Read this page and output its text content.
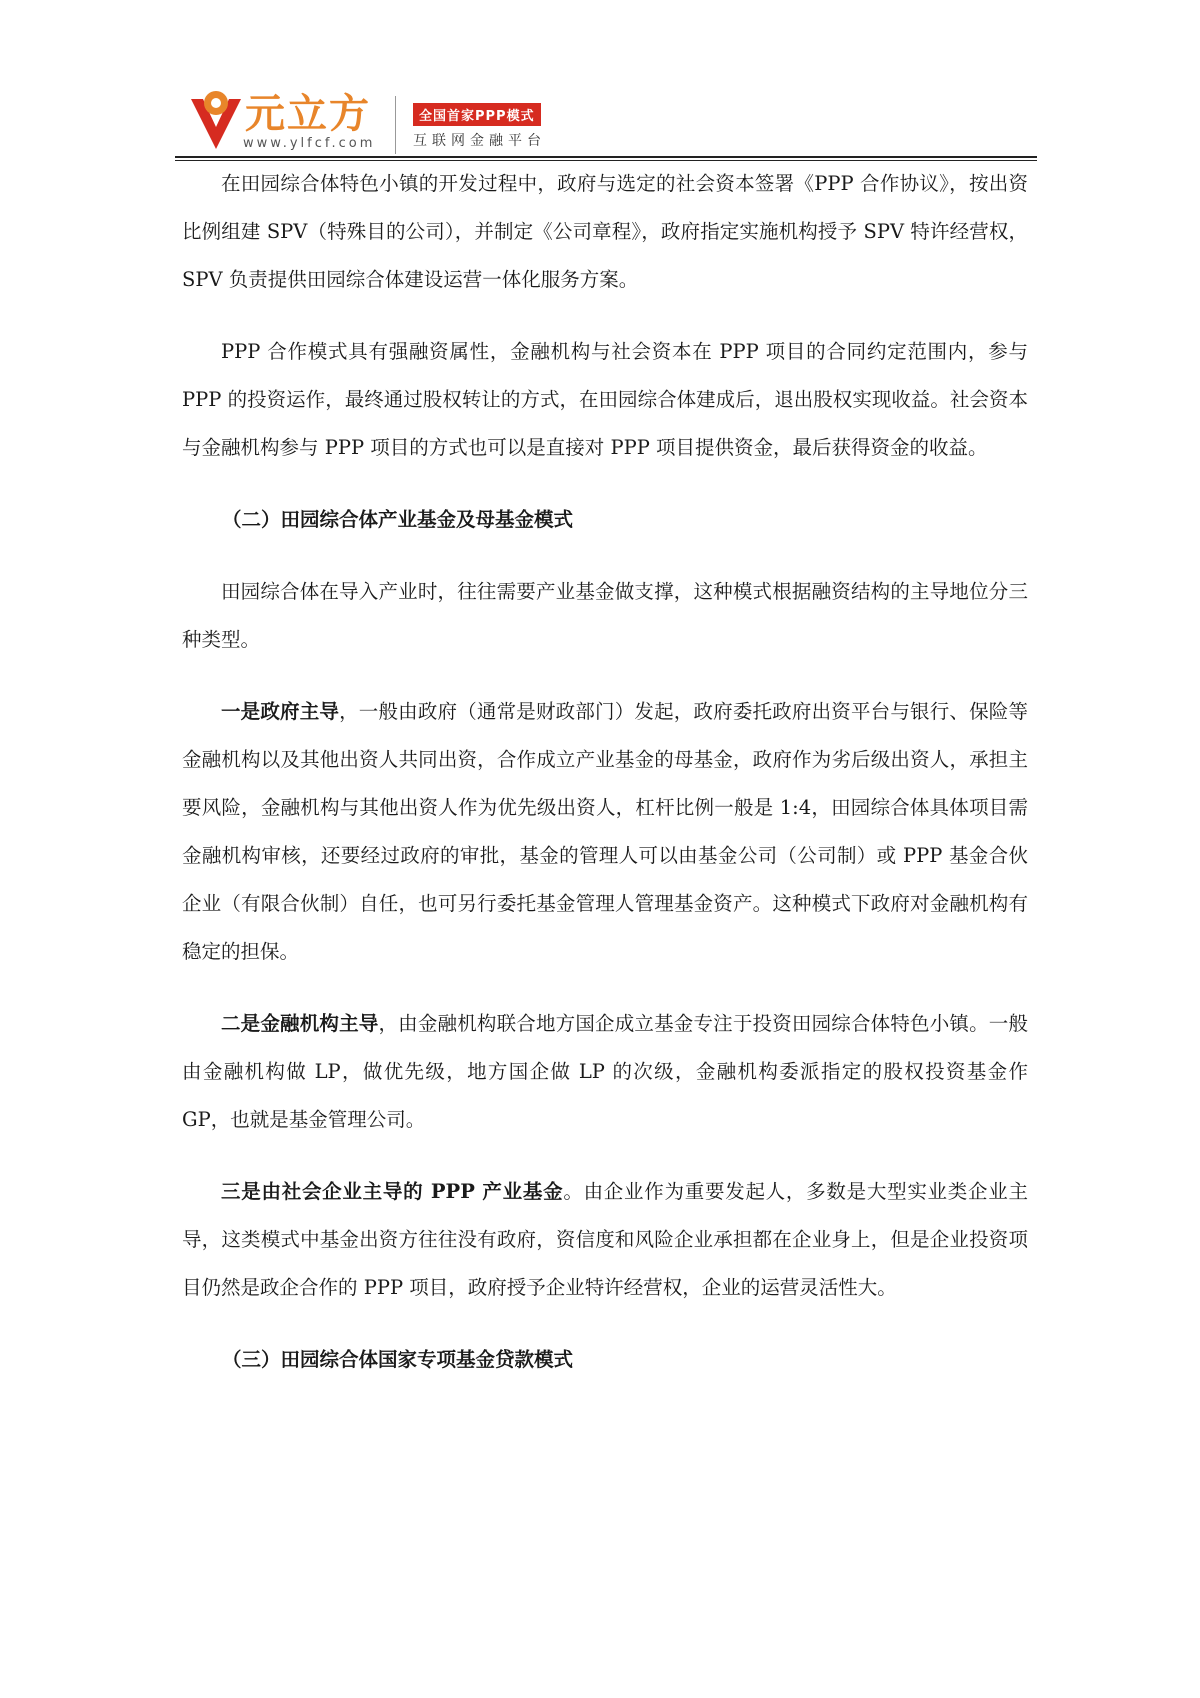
元立方
www.ylfcf.com
全国首家PPP模式
互联网金融平台

在田园综合体特色小镇的开发过程中，政府与选定的社会资本签署《PPP 合作协议》，按出资比例组建 SPV（特殊目的公司），并制定《公司章程》，政府指定实施机构授予 SPV 特许经营权，SPV 负责提供田园综合体建设运营一体化服务方案。

PPP 合作模式具有强融资属性，金融机构与社会资本在 PPP 项目的合同约定范围内，参与 PPP 的投资运作，最终通过股权转让的方式，在田园综合体建成后，退出股权实现收益。社会资本与金融机构参与 PPP 项目的方式也可以是直接对 PPP 项目提供资金，最后获得资金的收益。

（二）田园综合体产业基金及母基金模式

田园综合体在导入产业时，往往需要产业基金做支撑，这种模式根据融资结构的主导地位分三种类型。

一是政府主导，一般由政府（通常是财政部门）发起，政府委托政府出资平台与银行、保险等金融机构以及其他出资人共同出资，合作成立产业基金的母基金，政府作为劣后级出资人，承担主要风险，金融机构与其他出资人作为优先级出资人，杠杆比例一般是 1:4，田园综合体具体项目需金融机构审核，还要经过政府的审批，基金的管理人可以由基金公司（公司制）或 PPP 基金合伙企业（有限合伙制）自任，也可另行委托基金管理人管理基金资产。这种模式下政府对金融机构有稳定的担保。

二是金融机构主导，由金融机构联合地方国企成立基金专注于投资田园综合体特色小镇。一般由金融机构做 LP，做优先级，地方国企做 LP 的次级，金融机构委派指定的股权投资基金作 GP，也就是基金管理公司。

三是由社会企业主导的 PPP 产业基金。由企业作为重要发起人，多数是大型实业类企业主导，这类模式中基金出资方往往没有政府，资信度和风险企业承担都在企业身上，但是企业投资项目仍然是政企合作的 PPP 项目，政府授予企业特许经营权，企业的运营灵活性大。

（三）田园综合体国家专项基金贷款模式
